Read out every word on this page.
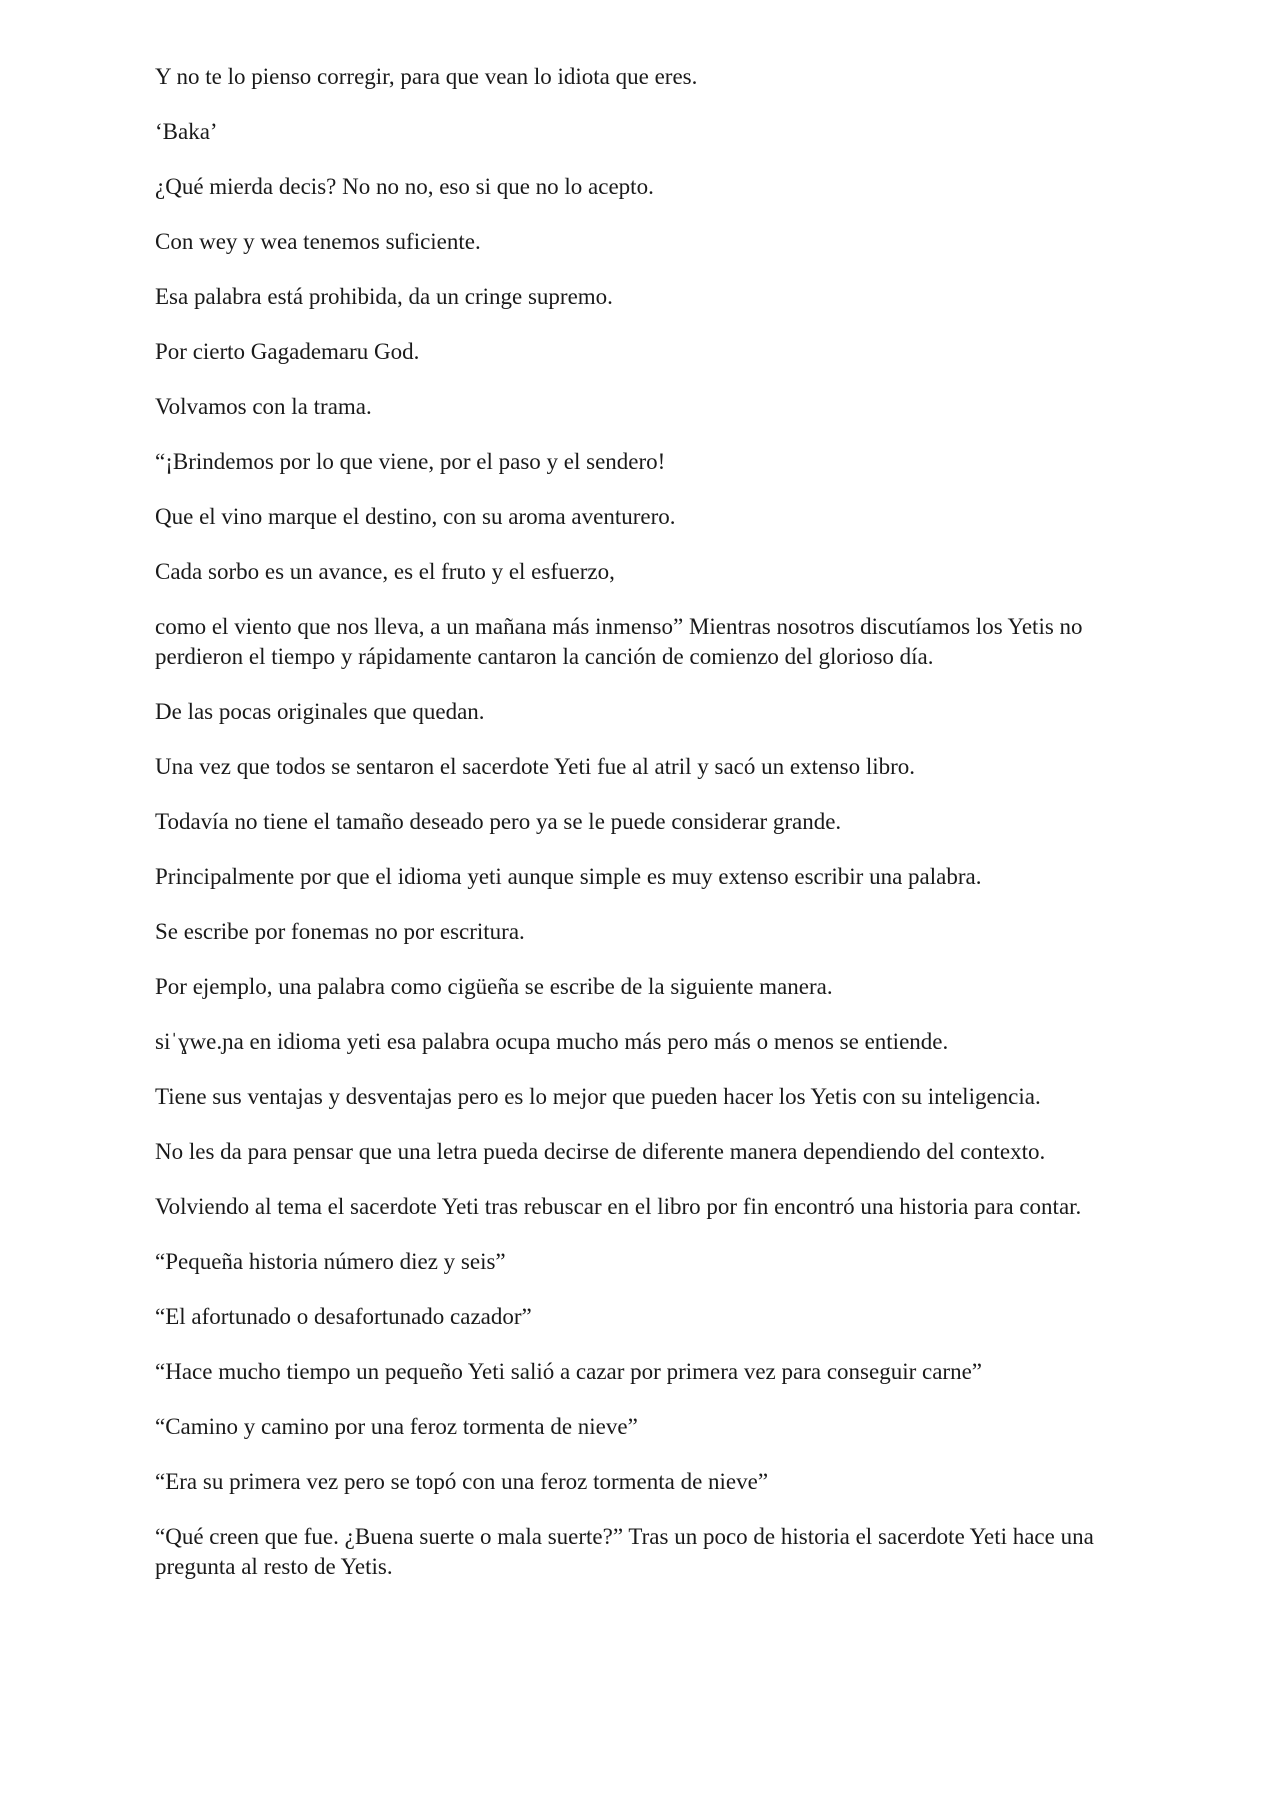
Y no te lo pienso corregir, para que vean lo idiota que eres.

‘Baka’

¿Qué mierda decis? No no no, eso si que no lo acepto.

Con wey y wea tenemos suficiente.

Esa palabra está prohibida, da un cringe supremo.

Por cierto Gagademaru God.

Volvamos con la trama.

“¡Brindemos por lo que viene, por el paso y el sendero!

Que el vino marque el destino, con su aroma aventurero.

Cada sorbo es un avance, es el fruto y el esfuerzo,

como el viento que nos lleva, a un mañana más inmenso” Mientras nosotros discutíamos los Yetis no perdieron el tiempo y rápidamente cantaron la canción de comienzo del glorioso día.

De las pocas originales que quedan.

Una vez que todos se sentaron el sacerdote Yeti fue al atril y sacó un extenso libro.

Todavía no tiene el tamaño deseado pero ya se le puede considerar grande.

Principalmente por que el idioma yeti aunque simple es muy extenso escribir una palabra.

Se escribe por fonemas no por escritura.

Por ejemplo, una palabra como cigüeña se escribe de la siguiente manera.

siˈɣwe.ɲa en idioma yeti esa palabra ocupa mucho más pero más o menos se entiende.

Tiene sus ventajas y desventajas pero es lo mejor que pueden hacer los Yetis con su inteligencia.

No les da para pensar que una letra pueda decirse de diferente manera dependiendo del contexto.

Volviendo al tema el sacerdote Yeti tras rebuscar en el libro por fin encontró una historia para contar.

“Pequeña historia número diez y seis”

“El afortunado o desafortunado cazador”

“Hace mucho tiempo un pequeño Yeti salió a cazar por primera vez para conseguir carne”

“Camino y camino por una feroz tormenta de nieve”

“Era su primera vez pero se topó con una feroz tormenta de nieve”

“Qué creen que fue. ¿Buena suerte o mala suerte?” Tras un poco de historia el sacerdote Yeti hace una pregunta al resto de Yetis.
